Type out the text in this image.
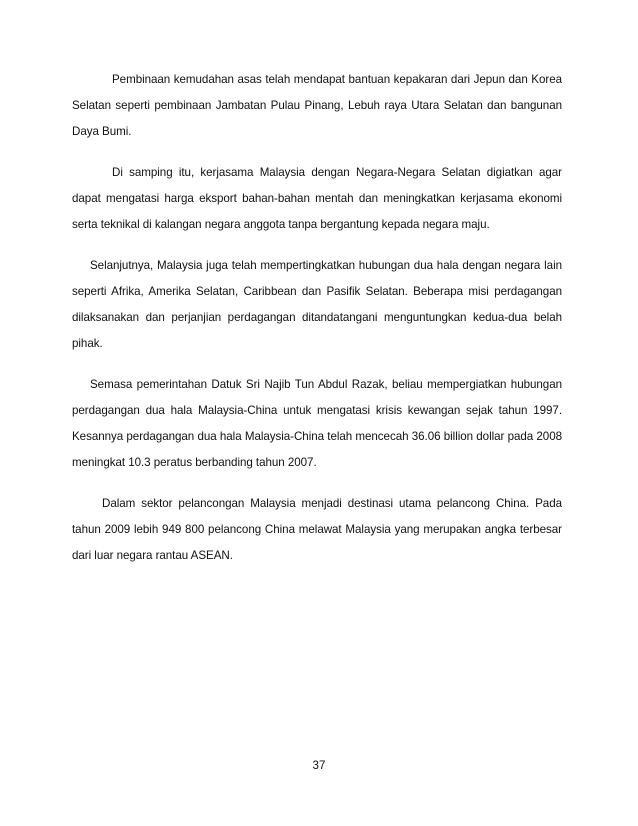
Pembinaan kemudahan asas telah mendapat bantuan kepakaran dari Jepun dan Korea Selatan seperti pembinaan Jambatan Pulau Pinang, Lebuh raya Utara Selatan dan bangunan Daya Bumi.

Di samping itu, kerjasama Malaysia dengan Negara-Negara Selatan digiatkan agar dapat mengatasi harga eksport bahan-bahan mentah dan meningkatkan kerjasama ekonomi serta teknikal di kalangan negara anggota tanpa bergantung kepada negara maju.

Selanjutnya, Malaysia juga telah mempertingkatkan hubungan dua hala dengan negara lain seperti Afrika, Amerika Selatan, Caribbean dan Pasifik Selatan. Beberapa misi perdagangan dilaksanakan dan perjanjian perdagangan ditandatangani menguntungkan kedua-dua belah pihak.

Semasa pemerintahan Datuk Sri Najib Tun Abdul Razak, beliau mempergiatkan hubungan perdagangan dua hala Malaysia-China untuk mengatasi krisis kewangan sejak tahun 1997. Kesannya perdagangan dua hala Malaysia-China telah mencecah 36.06 billion dollar pada 2008 meningkat 10.3 peratus berbanding tahun 2007.

Dalam sektor pelancongan Malaysia menjadi destinasi utama pelancong China. Pada tahun 2009 lebih 949 800 pelancong China melawat Malaysia yang merupakan angka terbesar dari luar negara rantau ASEAN.

37
